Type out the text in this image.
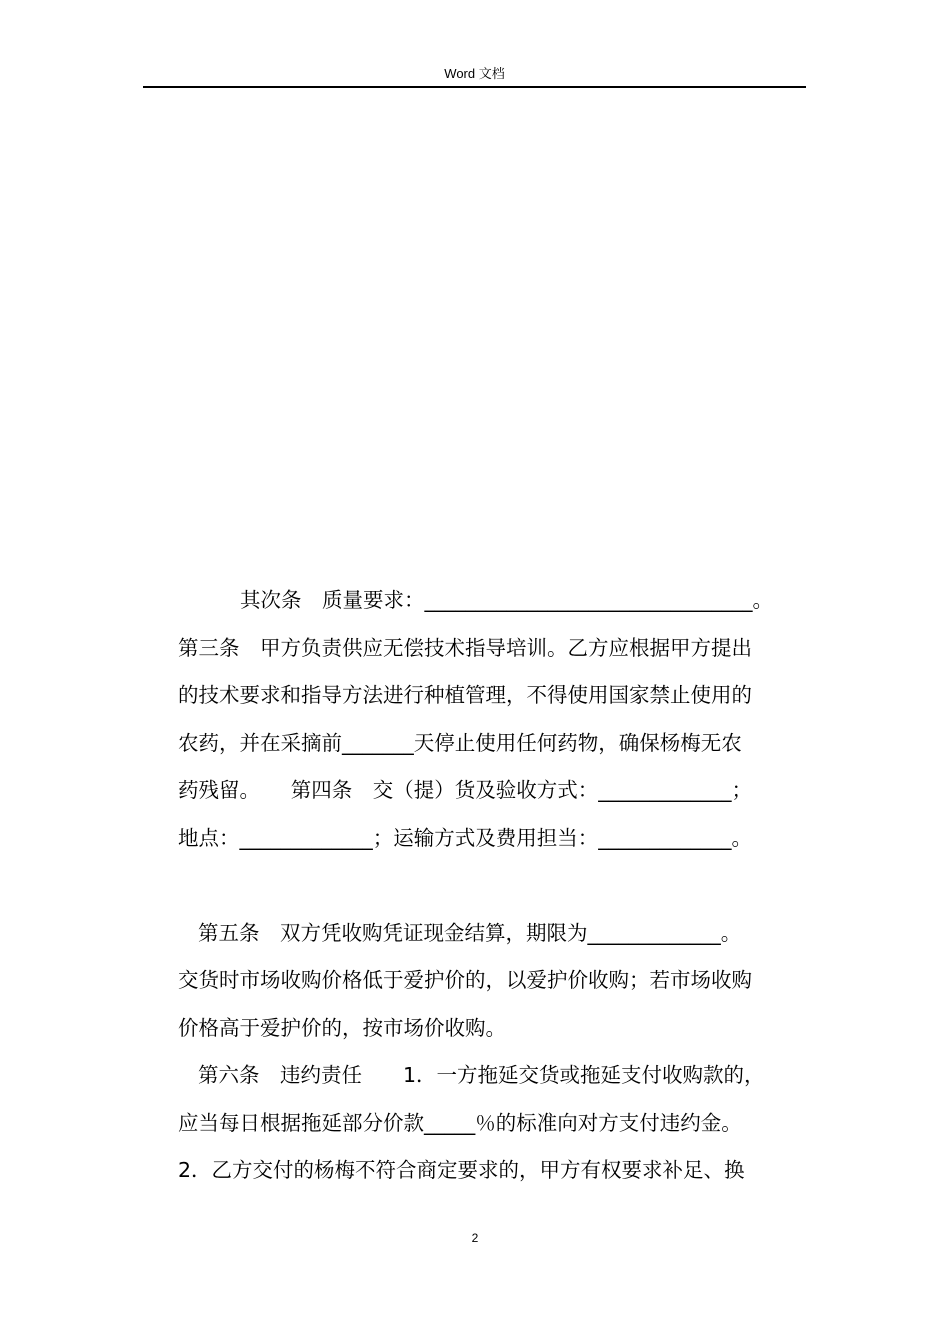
Word 文档
其次条　质量要求：________________________________。
第三条　甲方负责供应无偿技术指导培训。乙方应根据甲方提出
的技术要求和指导方法进行种植管理，不得使用国家禁止使用的
农药，并在采摘前_______天停止使用任何药物，确保杨梅无农
药残留。　　第四条　交（提）货及验收方式：_____________；
地点：_____________；运输方式及费用担当：_____________。
第五条　双方凭收购凭证现金结算，期限为_____________。
交货时市场收购价格低于爱护价的，以爱护价收购；若市场收购
价格高于爱护价的，按市场价收购。
第六条　违约责任　　1．一方拖延交货或拖延支付收购款的，
应当每日根据拖延部分价款_____％的标准向对方支付违约金。
2．乙方交付的杨梅不符合商定要求的，甲方有权要求补足、换
2
